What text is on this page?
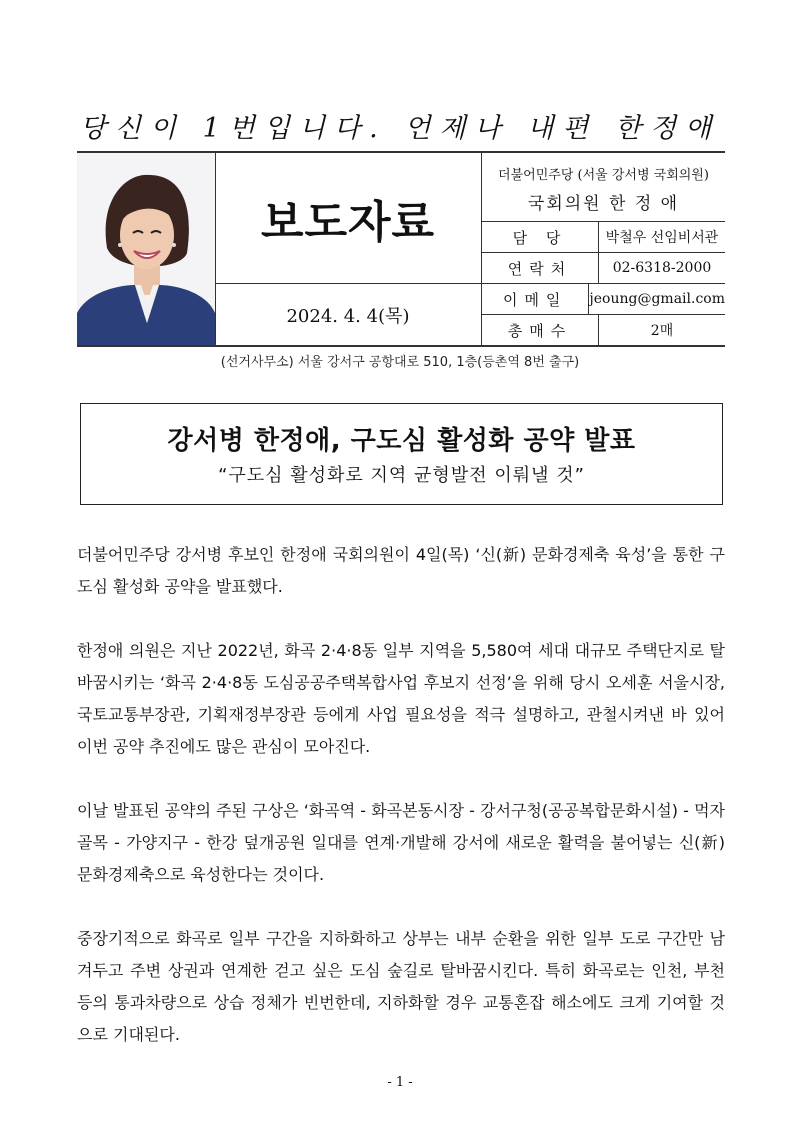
당신이 1번입니다. 언제나 내편 한정애
보도자료
2024. 4. 4(목)
더불어민주당 (서울 강서병 국회의원)
국회의원 한 정 애
담 당	박철우 선임비서관
연락처	02-6318-2000
이메일	jeoung@gmail.com
총매수	2매
(선거사무소) 서울 강서구 공항대로 510, 1층(등촌역 8번 출구)
강서병 한정애, 구도심 활성화 공약 발표
“구도심 활성화로 지역 균형발전 이뤄낼 것”

더불어민주당 강서병 후보인 한정애 국회의원이 4일(목) ‘신(新) 문화경제축 육성’을 통한 구도심 활성화 공약을 발표했다.

한정애 의원은 지난 2022년, 화곡 2·4·8동 일부 지역을 5,580여 세대 대규모 주택단지로 탈바꿈시키는 ‘화곡 2·4·8동 도심공공주택복합사업 후보지 선정’을 위해 당시 오세훈 서울시장, 국토교통부장관, 기획재정부장관 등에게 사업 필요성을 적극 설명하고, 관철시켜낸 바 있어 이번 공약 추진에도 많은 관심이 모아진다.

이날 발표된 공약의 주된 구상은 ‘화곡역 - 화곡본동시장 - 강서구청(공공복합문화시설) - 먹자골목 - 가양지구 - 한강 덮개공원 일대를 연계·개발해 강서에 새로운 활력을 불어넣는 신(新) 문화경제축으로 육성한다는 것이다.

중장기적으로 화곡로 일부 구간을 지하화하고 상부는 내부 순환을 위한 일부 도로 구간만 남겨두고 주변 상권과 연계한 걷고 싶은 도심 숲길로 탈바꿈시킨다. 특히 화곡로는 인천, 부천 등의 통과차량으로 상습 정체가 빈번한데, 지하화할 경우 교통혼잡 해소에도 크게 기여할 것으로 기대된다.

- 1 -
